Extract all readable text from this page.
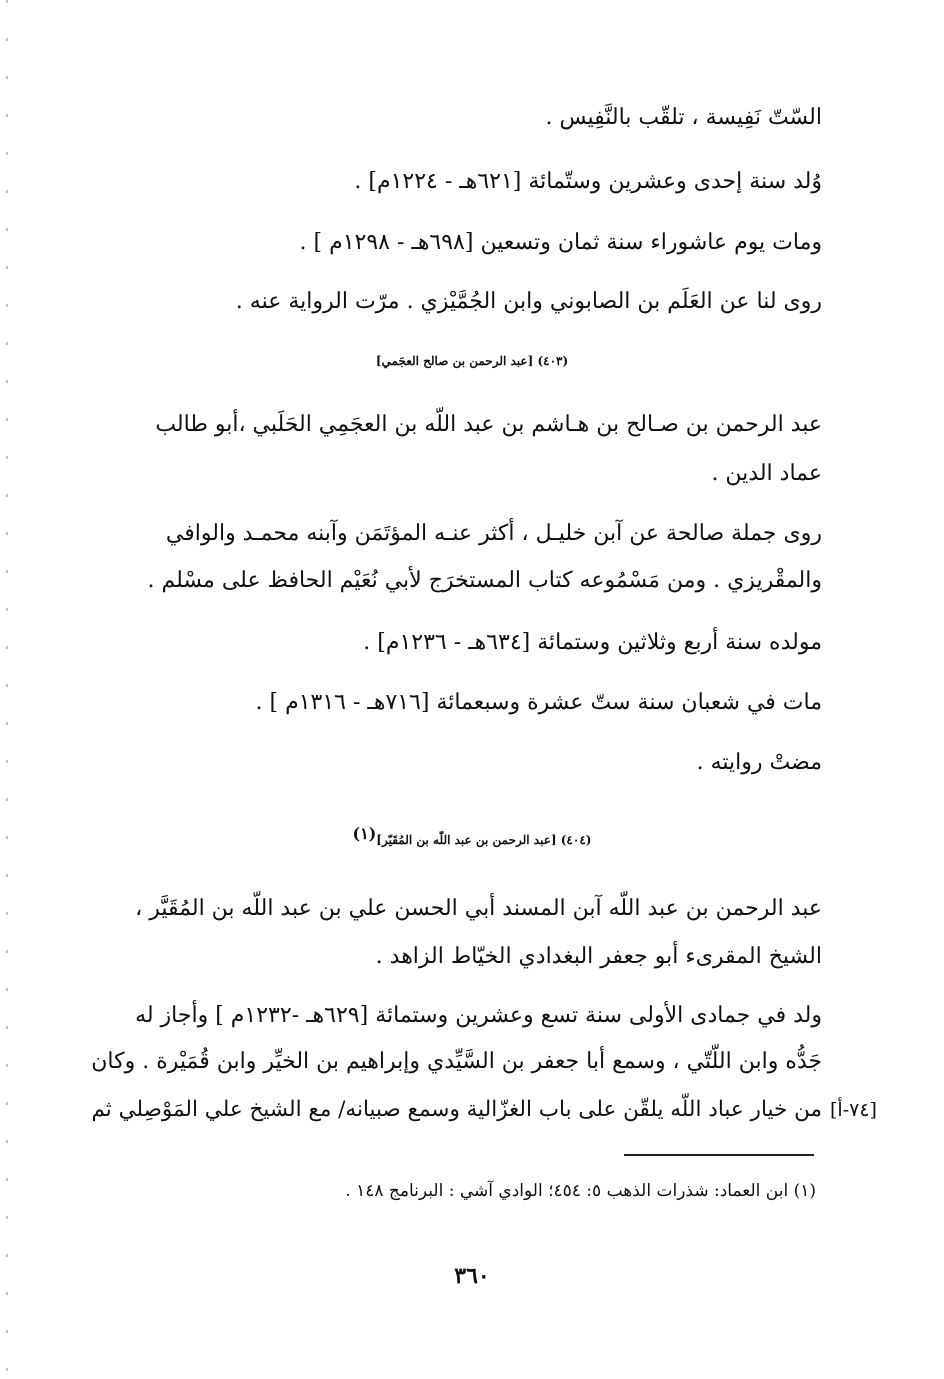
السّتّ نَفِيسة ، تلقّب بالنَّفِيس .
وُلد سنة إحدى وعشرين وستّمائة [٦٢١هـ - ١٢٢٤م] .
ومات يوم عاشوراء سنة ثمان وتسعين [٦٩٨هـ - ١٢٩٨م ] .
روى لنا عن العَلَم بن الصابوني وابن الجُمَّيْزي . مرّت الرواية عنه .
(٤٠٣) [عبد الرحمن بن صالح العجَمي]
عبد الرحمن بن صـالح بن هـاشم بن عبد اللّه بن العجَمِي الحَلَبي ،أبو طالب
عماد الدين .
روى جملة صالحة عن آبن خليـل ، أكثر عنـه المؤتَمَن وآبنه محمـد والوافي
والمقْريزي . ومن مَسْمُوعه كتاب المستخرَج لأبي نُعَيْم الحافظ على مسْلم .
مولده سنة أربع وثلاثين وستمائة [٦٣٤هـ - ١٢٣٦م] .
مات في شعبان سنة ستّ عشرة وسبعمائة [٧١٦هـ - ١٣١٦م ] .
مضتْ روايته .
(٤٠٤) [عبد الرحمن بن عبد اللّه بن المُقَيّر]$^{(١)}$
عبد الرحمن بن عبد اللّه آبن المسند أبي الحسن علي بن عبد اللّه بن المُقَيَّر ،
الشيخ المقرىء أبو جعفر البغدادي الخيّاط الزاهد .
ولد في جمادى الأولى سنة تسع وعشرين وستمائة [٦٢٩هـ -١٢٣٢م ] وأجاز له
جَدُّه وابن اللّتّي ، وسمع أبا جعفر بن السَّيِّدي وإبراهيم بن الخيِّر وابن قُمَيْرة . وكان
من خيار عباد اللّه يلقّن على باب الغزّالية وسمع صبيانه/ مع الشيخ علي المَوْصِلي ثم [٧٤-أ]
(١) ابن العماد: شذرات الذهب ٥: ٤٥٤؛ الوادي آشي : البرنامج ١٤٨ .
٣٦٠
